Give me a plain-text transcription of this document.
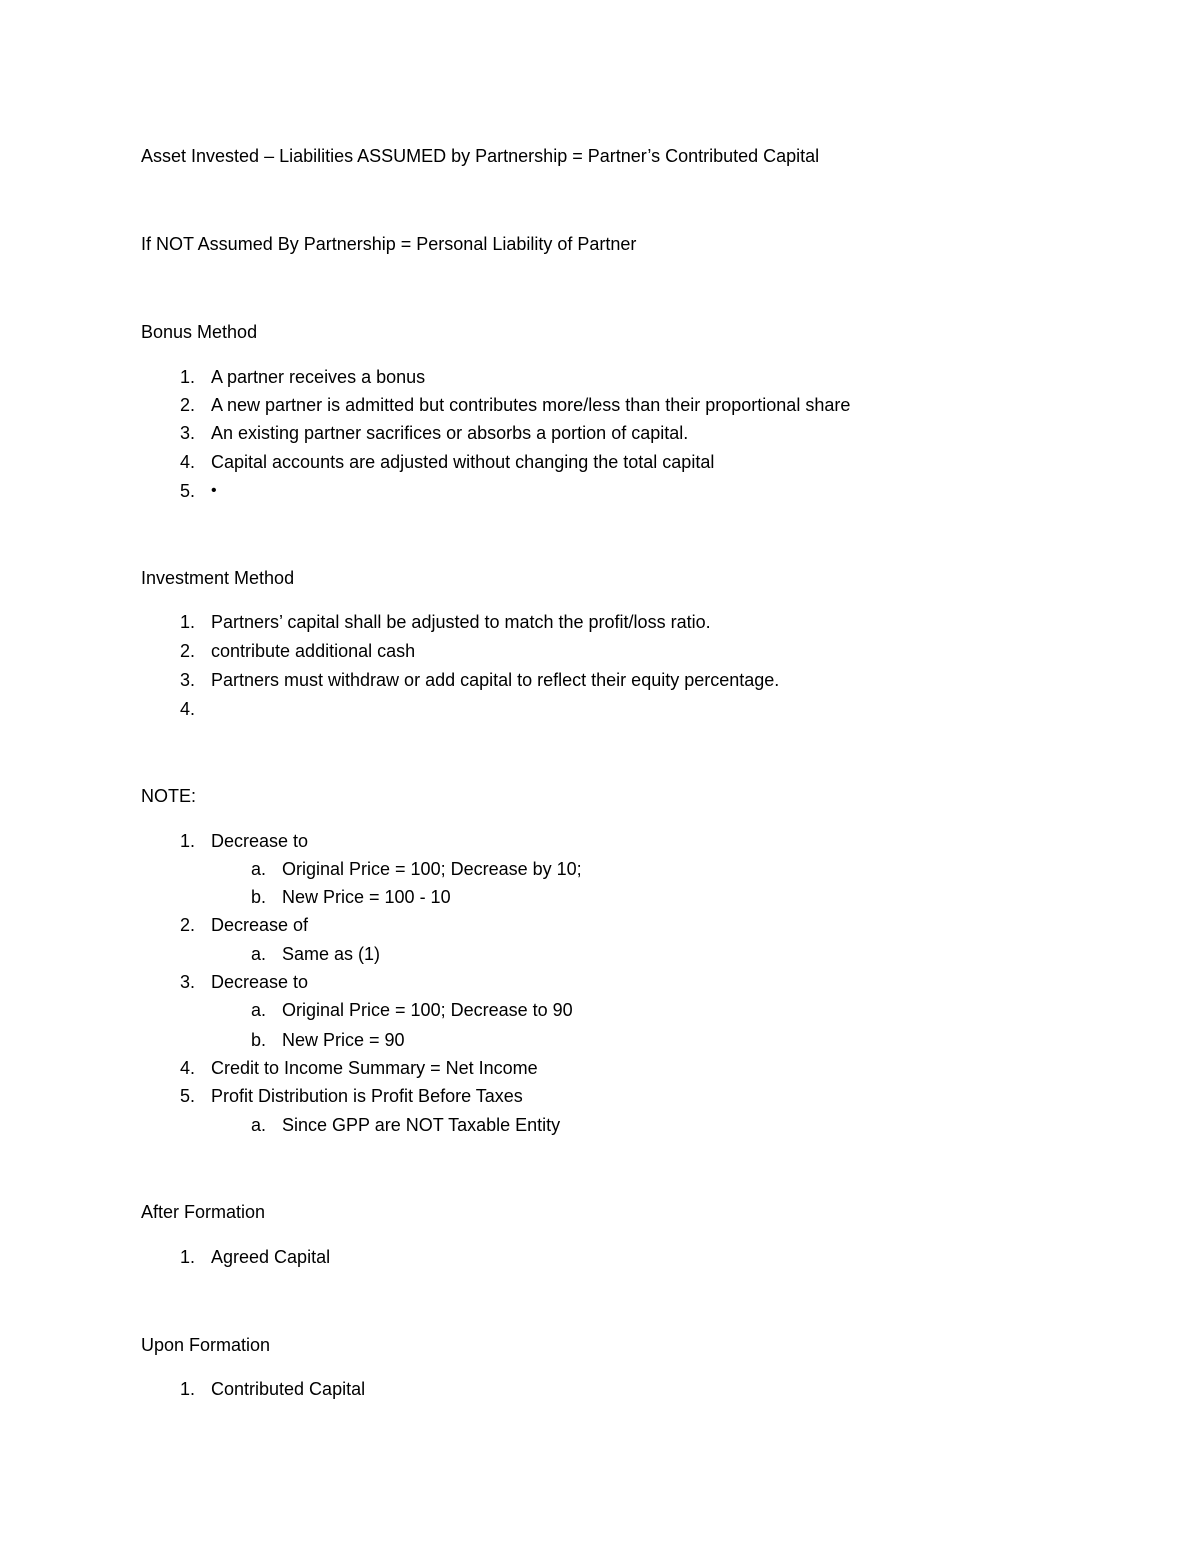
Asset Invested – Liabilities ASSUMED by Partnership = Partner’s Contributed Capital
If NOT Assumed By Partnership = Personal Liability of Partner
Bonus Method
1. A partner receives a bonus
2. A new partner is admitted but contributes more/less than their proportional share
3. An existing partner sacrifices or absorbs a portion of capital.
4. Capital accounts are adjusted without changing the total capital
5. •
Investment Method
1. Partners’ capital shall be adjusted to match the profit/loss ratio.
2. contribute additional cash
3. Partners must withdraw or add capital to reflect their equity percentage.
4.
NOTE:
1. Decrease to
a. Original Price = 100; Decrease by 10;
b. New Price = 100 - 10
2. Decrease of
a. Same as (1)
3. Decrease to
a. Original Price = 100; Decrease to 90
b. New Price = 90
4. Credit to Income Summary = Net Income
5. Profit Distribution is Profit Before Taxes
a. Since GPP are NOT Taxable Entity
After Formation
1. Agreed Capital
Upon Formation
1. Contributed Capital
